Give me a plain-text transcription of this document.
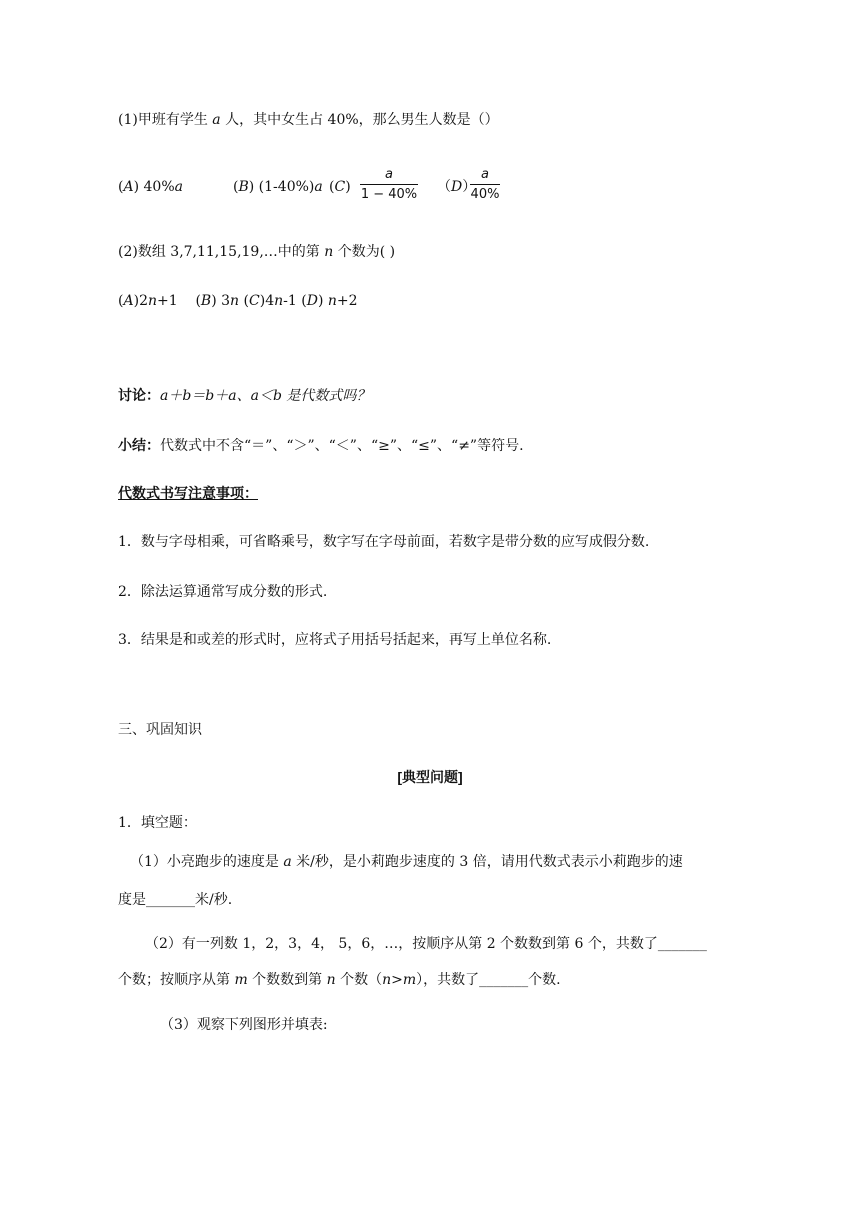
(1)甲班有学生 a 人，其中女生占 40%，那么男生人数是（）
(A) 40%a	(B) (1-40%)a (C)
a
1 − 40% （D）
a
40%
(2)数组 3,7,11,15,19,…中的第 n 个数为( )
(A)2n+1    (B) 3n (C)4n-1 (D) n+2
讨论：a＋b＝b＋a、a＜b 是代数式吗？
小结：代数式中不含“＝”、“＞”、“＜”、“≥”、“≤”、“≠”等符号.
代数式书写注意事项：
1．数与字母相乘，可省略乘号，数字写在字母前面，若数字是带分数的应写成假分数.
2．除法运算通常写成分数的形式.
3．结果是和或差的形式时，应将式子用括号括起来，再写上单位名称.
三、巩固知识
[典型问题]
1．填空题：
（1）小亮跑步的速度是 a 米/秒，是小莉跑步速度的 3 倍，请用代数式表示小莉跑步的速
度是_______米/秒.
（2）有一列数 1，2，3，4， 5，6，…，按顺序从第 2 个数数到第 6 个，共数了_______
个数；按顺序从第 m 个数数到第 n 个数（n>m），共数了_______个数.
（3）观察下列图形并填表:
